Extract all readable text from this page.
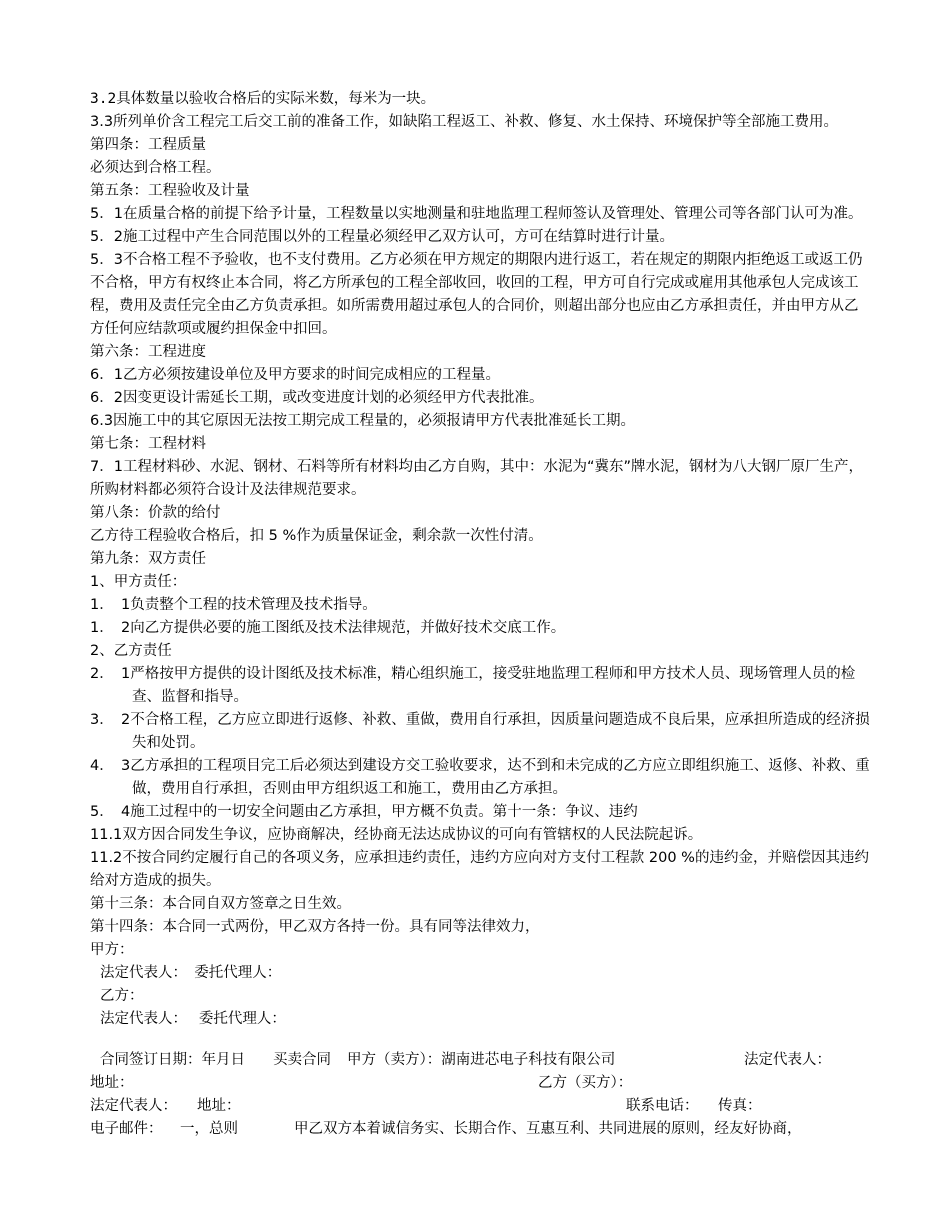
3.2具体数量以验收合格后的实际米数，每米为一块。
3.3所列单价含工程完工后交工前的准备工作，如缺陷工程返工、补救、修复、水土保持、环境保护等全部施工费用。
第四条：工程质量
必须达到合格工程。
第五条：工程验收及计量
5．1在质量合格的前提下给予计量，工程数量以实地测量和驻地监理工程师签认及管理处、管理公司等各部门认可为准。
5．2施工过程中产生合同范围以外的工程量必须经甲乙双方认可，方可在结算时进行计量。
5．3不合格工程不予验收，也不支付费用。乙方必须在甲方规定的期限内进行返工，若在规定的期限内拒绝返工或返工仍不合格，甲方有权终止本合同，将乙方所承包的工程全部收回，收回的工程，甲方可自行完成或雇用其他承包人完成该工程，费用及责任完全由乙方负责承担。如所需费用超过承包人的合同价，则超出部分也应由乙方承担责任，并由甲方从乙方任何应结款项或履约担保金中扣回。
第六条：工程进度
6．1乙方必须按建设单位及甲方要求的时间完成相应的工程量。
6．2因变更设计需延长工期，或改变进度计划的必须经甲方代表批准。
6.3因施工中的其它原因无法按工期完成工程量的，必须报请甲方代表批准延长工期。
第七条：工程材料
7．1工程材料砂、水泥、钢材、石料等所有材料均由乙方自购，其中：水泥为“冀东”牌水泥，钢材为八大钢厂原厂生产，所购材料都必须符合设计及法律规范要求。
第八条：价款的给付
乙方待工程验收合格后，扣 5 %作为质量保证金，剩余款一次性付清。
第九条：双方责任
1、甲方责任：
1．　1负责整个工程的技术管理及技术指导。
1．　2向乙方提供必要的施工图纸及技术法律规范，并做好技术交底工作。
2、乙方责任
2．　1严格按甲方提供的设计图纸及技术标准，精心组织施工，接受驻地监理工程师和甲方技术人员、现场管理人员的检查、监督和指导。
3．　2不合格工程，乙方应立即进行返修、补救、重做，费用自行承担，因质量问题造成不良后果，应承担所造成的经济损失和处罚。
4．　3乙方承担的工程项目完工后必须达到建设方交工验收要求，达不到和未完成的乙方应立即组织施工、返修、补救、重做，费用自行承担，否则由甲方组织返工和施工，费用由乙方承担。
5．　4施工过程中的一切安全问题由乙方承担，甲方概不负责。第十一条：争议、违约
11.1双方因合同发生争议，应协商解决，经协商无法达成协议的可向有管辖权的人民法院起诉。
11.2不按合同约定履行自己的各项义务，应承担违约责任，违约方应向对方支付工程款 200 %的违约金，并赔偿因其违约给对方造成的损失。
第十三条：本合同自双方签章之日生效。
第十四条：本合同一式两份，甲乙双方各持一份。具有同等法律效力，
甲方：
法定代表人：　委托代理人：
乙方：
法定代表人：　 委托代理人：
合同签订日期：年月日 买卖合同 甲方（卖方）：湖南进芯电子科技有限公司	法定代表人：
地址：	乙方（买方）：
法定代表人： 地址：	联系电话： 传真：
电子邮件： 一，总则	甲乙双方本着诚信务实、长期合作、互惠互利、共同进展的原则，经友好协商，
